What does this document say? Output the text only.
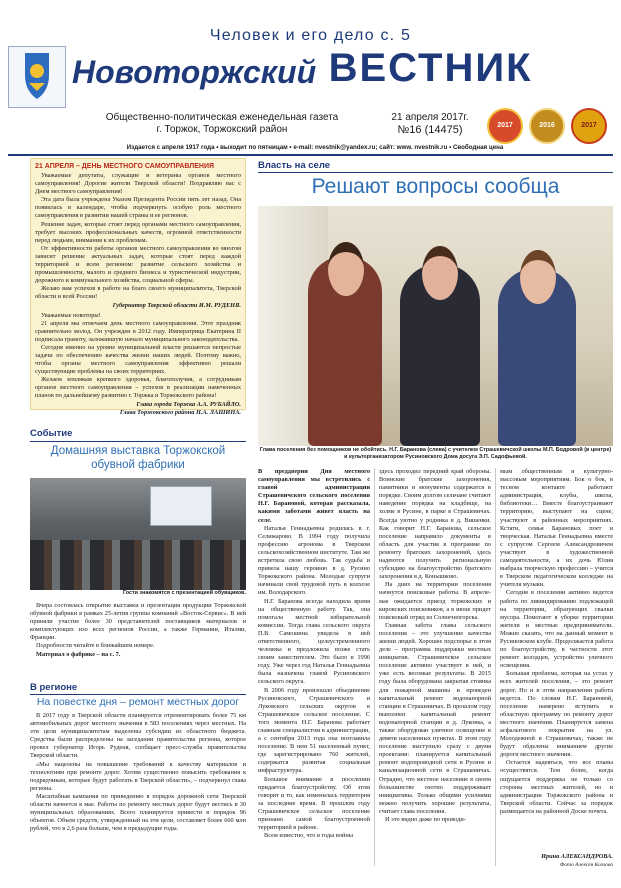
Человек и его дело с. 5
Новоторжский ВЕСТНИК
Общественно-политическая еженедельная газета
г. Торжок, Торжокский район
21 апреля 2017г.
№16 (14475)	2017	2016	2017
Издается с апреля 1917 года • выходит по пятницам • e-mail: nvestnik@yandex.ru; сайт: www. nvestnik.ru • Свободная цена
21 АПРЕЛЯ – ДЕНЬ МЕСТНОГО САМОУПРАВЛЕНИЯ

Уважаемые депутаты, служащие и ветераны органов местного самоуправления! Дорогие жители Тверской области! Поздравляю вас с Днем местного самоуправления!

Эта дата была учреждена Указом Президента России пять лет назад. Она появилась в календаре, чтобы подчеркнуть особую роль местного самоуправления в развитии нашей страны и ее регионов.

Решение задач, которые стоят перед органами местного самоуправления, требует высоких профессиональных качеств, огромной ответственности перед людьми, внимания к их проблемам.

От эффективности работы органов местного самоуправления во многом зависит решение актуальных задач, которые стоят перед каждой территорией и всем регионом: развитие сельского хозяйства и промышленности, малого и среднего бизнеса и туристической индустрии, дорожного и коммунального хозяйства, социальной сферы.

Желаю вам успехов в работе на благо своего муниципалитета, Тверской области и всей России!

Губернатор Тверской области И.М. РУДЕНЯ.

Уважаемые новоторы!

21 апреля мы отмечаем день местного самоуправления. Этот праздник сравнительно молод. Он учрежден в 2012 году. Императрица Екатерина II подписала грамоту, заложившую начало муниципального законодательства.

Сегодня именно на уровне муниципальной власти решаются непростые задачи по обеспечению качества жизни наших людей. Поэтому важно, чтобы органы местного самоуправления эффективно решали существующие проблемы на своих территориях.

Желаем землякам крепкого здоровья, благополучия, а сотрудникам органов местного самоуправления – успехов в реализации намеченных планов по дальнейшему развитию г. Торжка и Торжокского района!

Глава города Торжка А.А. РУБАЙЛО.
Глава Торжокского района Н.А. ЛАШИНА.
Событие
Домашняя выставка Торжокской обувной фабрики
Гости знакомятся с презентацией обувщиков.

Вчера состоялась открытие выставки и презентация продукции Торжокской обувной фабрики в рамках 25-летия группы компаний «Восток-Сервис». В ней приняли участие более 30 представителей поставщиков материалов и комплектующих изо всех регионов России, а также Германии, Италии, Франции.

Подробности читайте в ближайшем номере.

Материал о фабрике – на с. 7.

В регионе
На повестке дня – ремонт местных дорог

В 2017 году в Тверской области планируется отремонтировать более 75 км автомобильных дорог местного значения в 583 поселениях через местных. На эти цели муниципалитетам выделены субсидии из областного бюджета. Средства были распределены на заседании правительства региона, которое провел губернатор Игорь Руденя, сообщает пресс-служба правительства Тверской области.

«Мы нацелены на повышение требований к качеству материалов и технологиям при ремонте дорог. Хотим существенно повысить требования к подрядчикам, которые будут работать в Тверской области», – подчеркнул глава региона.

Масштабная кампания по приведению в порядок дорожной сети Тверской области начнется в мае. Работы по ремонту местных дорог будут вестись в 30 муниципальных образованиях. Всего планируется привести в порядок 96 объектов. Объем средств, утвержденный на эти цели, составляет более 660 млн рублей, что в 2,6 раза больше, чем в предыдущие годы.

Власть на селе
Решают вопросы сообща
Глава поселения без помощников не обойтись. Н.Г. Баранова (слева) с учителем Страшевичской школы М.П. Бодровой (в центре) и культорганизатором Русиновского Дома досуга Э.П. Садофьевой.

В преддверии Дня местного самоуправления мы встретились с главой администрации Страшевичского сельского поселения Н.Г. Барановой, которая рассказала, какими заботами живет власть на селе.

Наталья Геннадьевна родилась в г. Селижарово. В 1994 году получила профессию агронома в Тверском сельскохозяйственном институте. Там же встретила свою любовь. Так судьба и привела нашу героиню в д. Русино Торжокского района. Молодые супруги начинали свой трудовой путь в колхозе им. Володарского.

Н.Г. Баранова всегда находила время на общественную работу. Так, она помогала местной избирательной комиссии. Тогда глава сельского округа П.В. Самошина увидела в ней ответственного, целеустремленного человека и предложила позже стать своим заместителем. Это было в 1996 году. Уже через год Наталья Геннадьевна была назначена главой Русиновского сельского округа.

В 2006 году произошло объединение Русиновского, Страшевичского и Луковского сельских округов в Страшевичское сельское поселение. С того момента Н.Г. Баранова работает главным специалистом в администрации, а с сентября 2013 года она возглавила поселение. В нем 51 населенный пункт, где зарегистрировано 760 жителей, содержатся развитая социальная инфраструктура.

Большое внимание в поселении придается благоустройству. Об этом говорит и то, как изменилась территория за последние время. В прошлом году Страшевичское сельское поселение признано самой благоустроенной территорией в районе.

Всем известно, что в годы войны

здесь проходил передний край обороны. Воинские братские захоронения, памятники и монументы содержатся в порядке. Своим долгом сельчане считают наведение порядка на кладбище, на холме в Русине, в парке в Страшевичах. Всегда уютно у родника в д. Вишенки. Как говорит Н.Г. Баранова, сельское поселение направило документы в область для участия в программе по ремонту братских захоронений, здесь надеются получить региональную субсидию на благоустройство братского захоронения в д. Конышково.

На днях на территории поселения начнутся поисковые работы. В апреле-мае ожидается приезд торжокских и кировских поисковиков, а в июне придет поисковый отряд из Солнечногорска.

Главная забота главы сельского поселения – это улучшение качества жизни людей. Хорошее подспорье в этом деле – программа поддержки местных инициатив. Страшевичское сельское поселение активно участвует в ней, и уже есть весомые результаты. В 2015 году была оборудована закрытая стоянка для пожарной машины и проведен капитальный ремонт водонапорной станции в Страшевичах. В прошлом году выполнен капитальный ремонт водонапорной станции в д. Луковка, а также оборудован уличное освещение в девяти населенных пунктах. В этом году поселение выступило сразу с двумя проектами: планируется капитальный ремонт водопроводной сети в Русине и канализационной сети в Страшевичах. Отрадно, что местное население в своем большинстве охотно поддерживает инициативы. Только общими усилиями можно получить хорошие результаты, считает глава поселения.

И это видно даже по проводи-

мым общественным и культурно-массовым мероприятиям. Бок о бок, в тесном контакте работают администрация, клубы, школа, библиотеки… Вместе благоустраивают территорию, выступают на сцене, участвуют в районных мероприятиях. Кстати, семья Барановых поет и творческая. Наталья Геннадьевна вместе с супругом Сергеем Александровичем участвует в художественной самодеятельности, а их дочь Юлия выбрала творческую профессию – учится в Тверском педагогическом колледже на учителя музыки.

Сегодня в поселении активно ведется работа по ликвидированию подлежащей на территории, образующих свалки мусора. Помогают в уборке территории жители и местные предприниматели. Можно сказать, что на данный момент в Русиновском клубе. Продолжается работа по благоустройству, в частности этот ремонт колодцев, устройство уличного освещения.

Большая проблема, которая на устах у всех жителей поселения, – это ремонт дорог. Но и в этом направлении работа ведется. По словам Н.Г. Барановой, поселение намерено вступить в областную программу по ремонту дорог местного значения. Планируется замена асфальтового покрытия на ул. Молодежной в Страшевичах, также не будут обделены вниманием другие дороги местного значения.

Остается надеяться, что все планы осуществятся. Тем более, когда ощущается поддержка не только со стороны местных жителей, но и администрации Торжокского района и Тверской области. Сейчас за порядок размещается на районной Доске почета.

Ирина АЛЕКСАНДРОВА.
Фото Алексея Козлова
